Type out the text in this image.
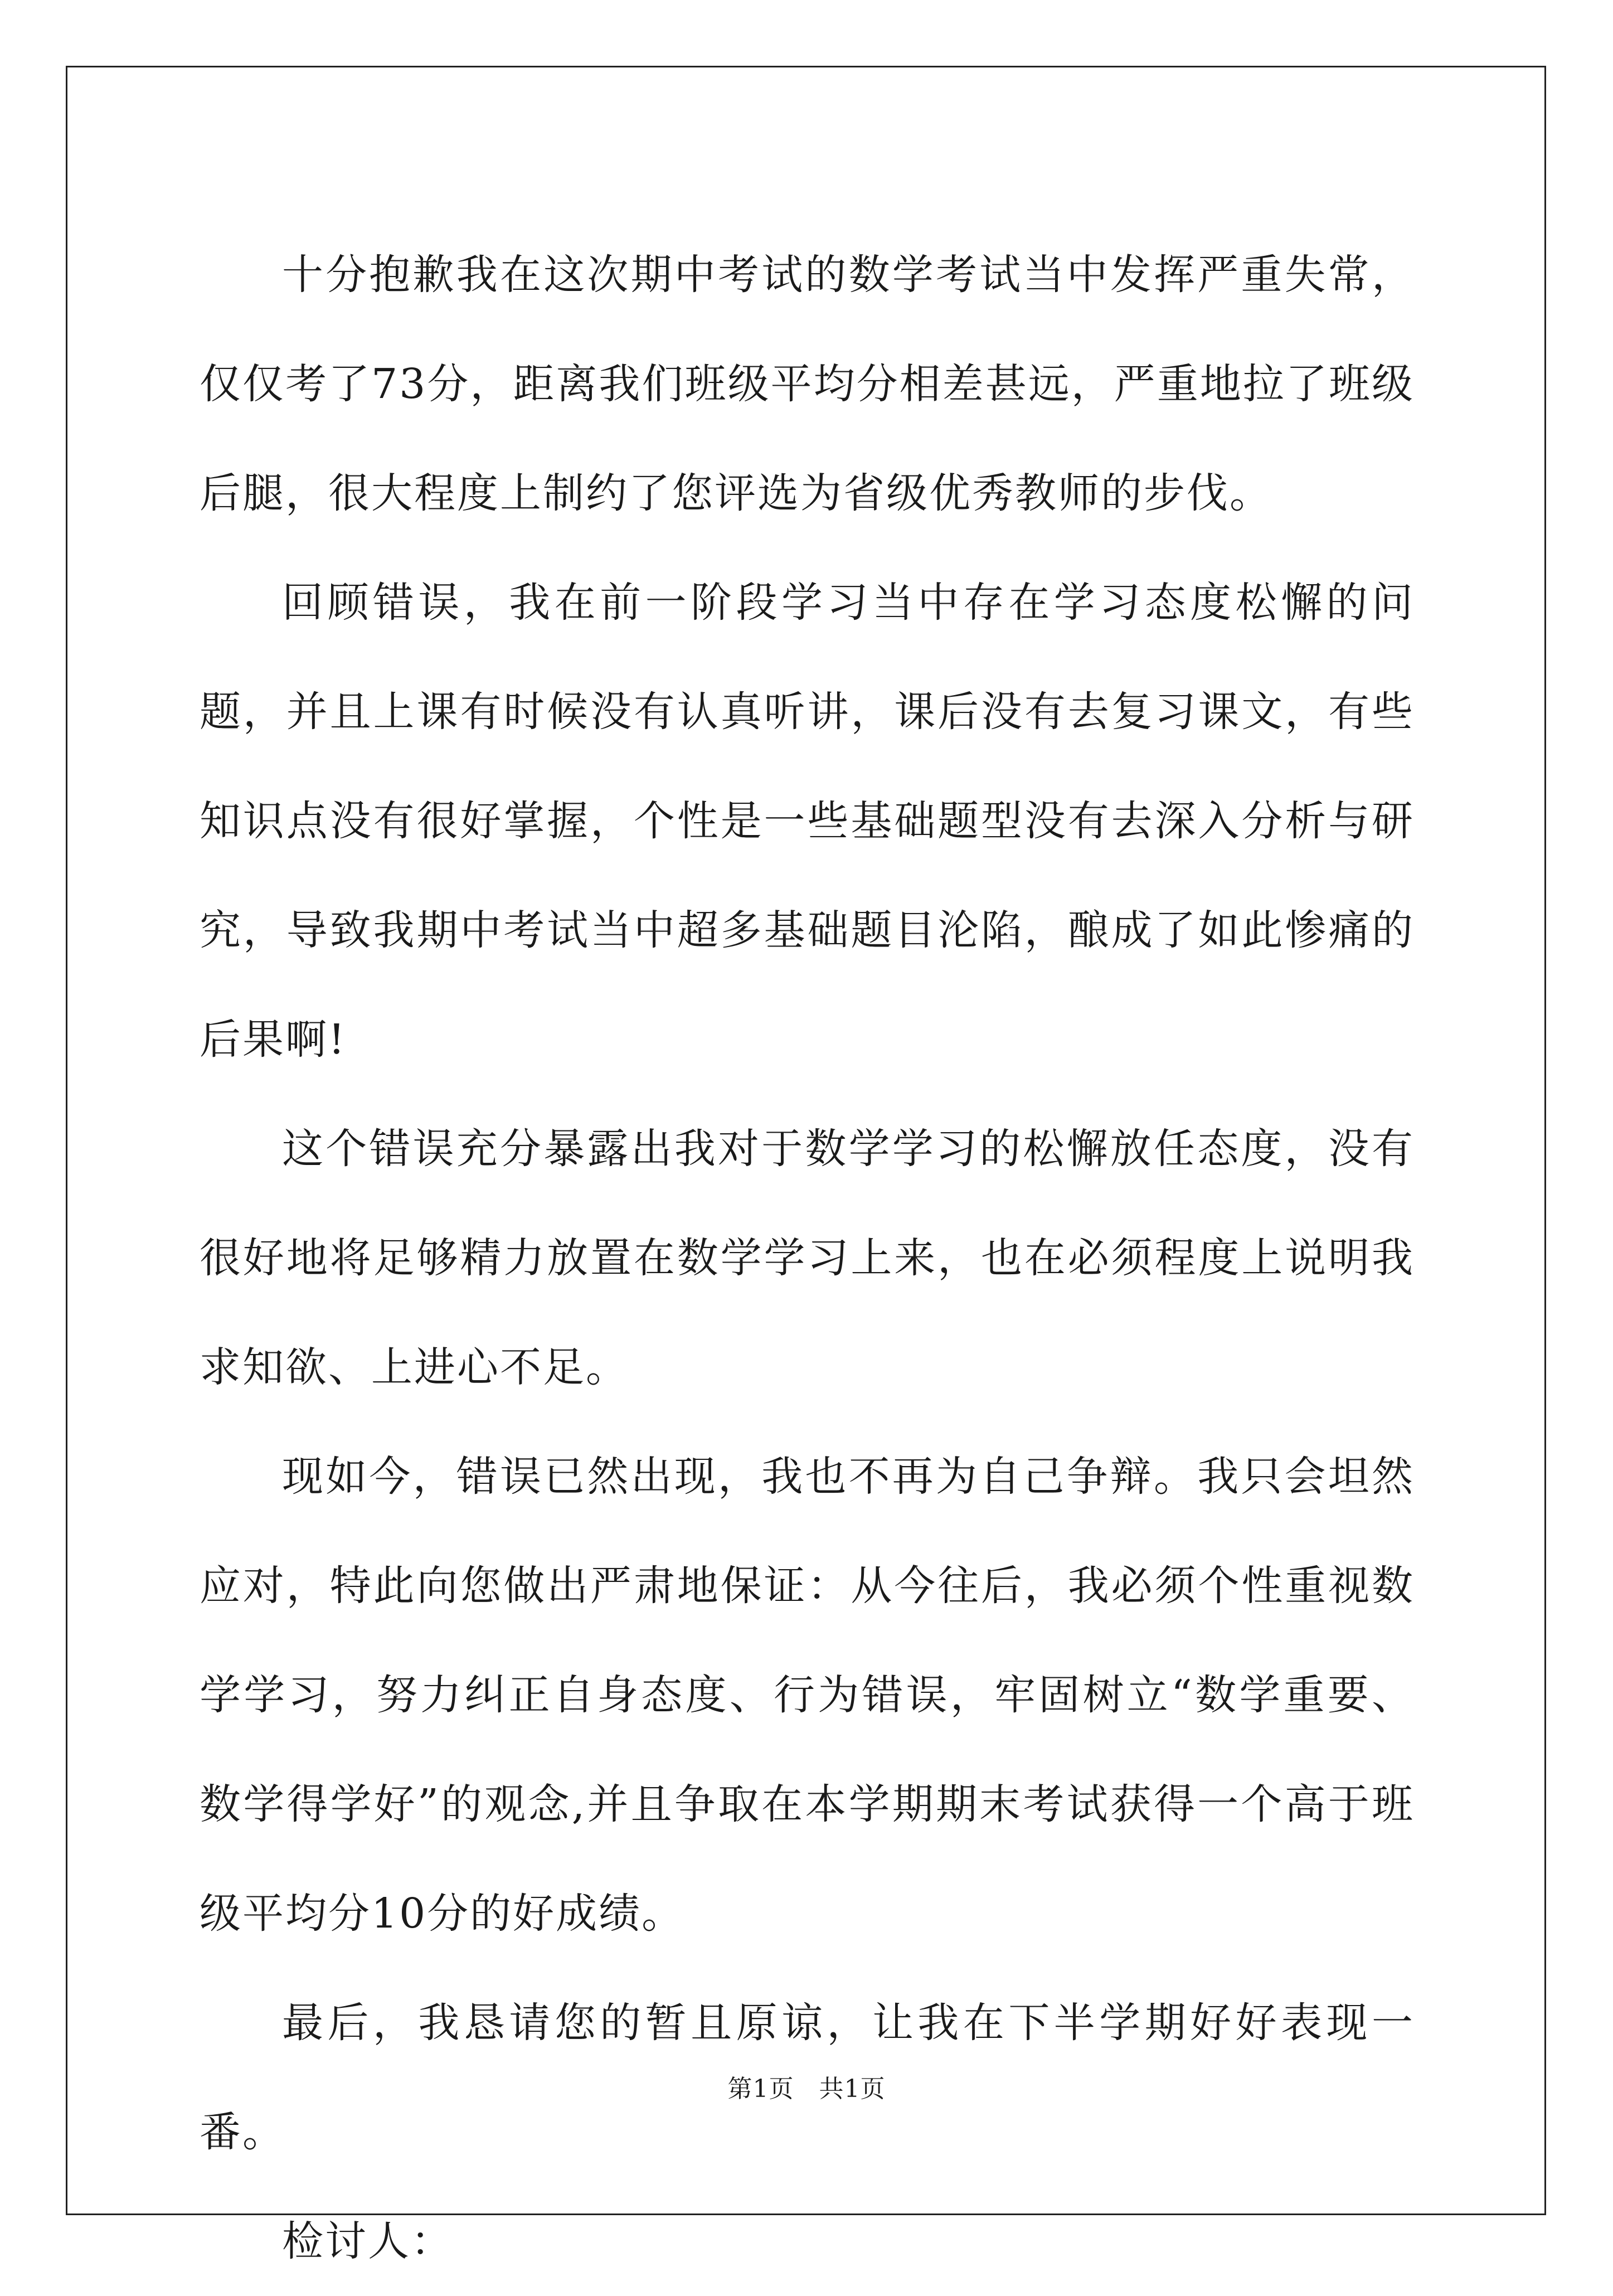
十分抱歉我在这次期中考试的数学考试当中发挥严重失常，仅仅考了73分，距离我们班级平均分相差甚远，严重地拉了班级后腿，很大程度上制约了您评选为省级优秀教师的步伐。

回顾错误，我在前一阶段学习当中存在学习态度松懈的问题，并且上课有时候没有认真听讲，课后没有去复习课文，有些知识点没有很好掌握，个性是一些基础题型没有去深入分析与研究，导致我期中考试当中超多基础题目沦陷，酿成了如此惨痛的后果啊!

这个错误充分暴露出我对于数学学习的松懈放任态度，没有很好地将足够精力放置在数学学习上来，也在必须程度上说明我求知欲、上进心不足。

现如今，错误已然出现，我也不再为自己争辩。我只会坦然应对，特此向您做出严肃地保证：从今往后，我必须个性重视数学学习，努力纠正自身态度、行为错误，牢固树立“数学重要、数学得学好”的观念,并且争取在本学期期末考试获得一个高于班级平均分10分的好成绩。

最后，我恳请您的暂且原谅，让我在下半学期好好表现一番。

检讨人：

第1页　共1页
